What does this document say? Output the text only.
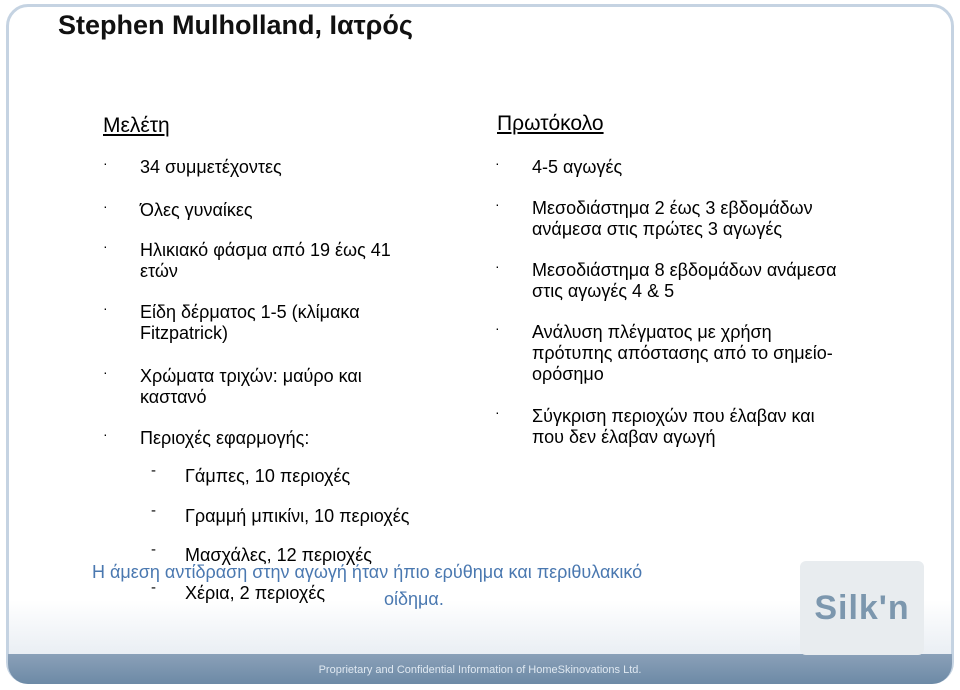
Proprietary and Confidential Information of HomeSkinovations Ltd.
Stephen Mulholland, Ιατρός
Μελέτη
· 34 συμμετέχοντες
· Όλες γυναίκες
· Ηλικιακό φάσμα από 19 έως 41
ετών
· Είδη δέρματος 1-5 (κλίμακα
Fitzpatrick)
· Χρώματα τριχών: μαύρο και
καστανό
· Περιοχές εφαρμογής:
- Γάμπες, 10 περιοχές
- Γραμμή μπικίνι, 10 περιοχές
- Μασχάλες, 12 περιοχές
- Χέρια, 2 περιοχές
Πρωτόκολο
· 4-5 αγωγές
· Μεσοδιάστημα 2 έως 3 εβδομάδων
ανάμεσα στις πρώτες 3 αγωγές
· Μεσοδιάστημα 8 εβδομάδων ανάμεσα
στις αγωγές 4 & 5
· Ανάλυση πλέγματος με χρήση
πρότυπης απόστασης από το σημείο-
ορόσημο
· Σύγκριση περιοχών που έλαβαν και
που δεν έλαβαν αγωγή
Η άμεση αντίδραση στην αγωγή ήταν ήπιο ερύθημα και περιθυλακικό
οίδημα.	Silk'n
